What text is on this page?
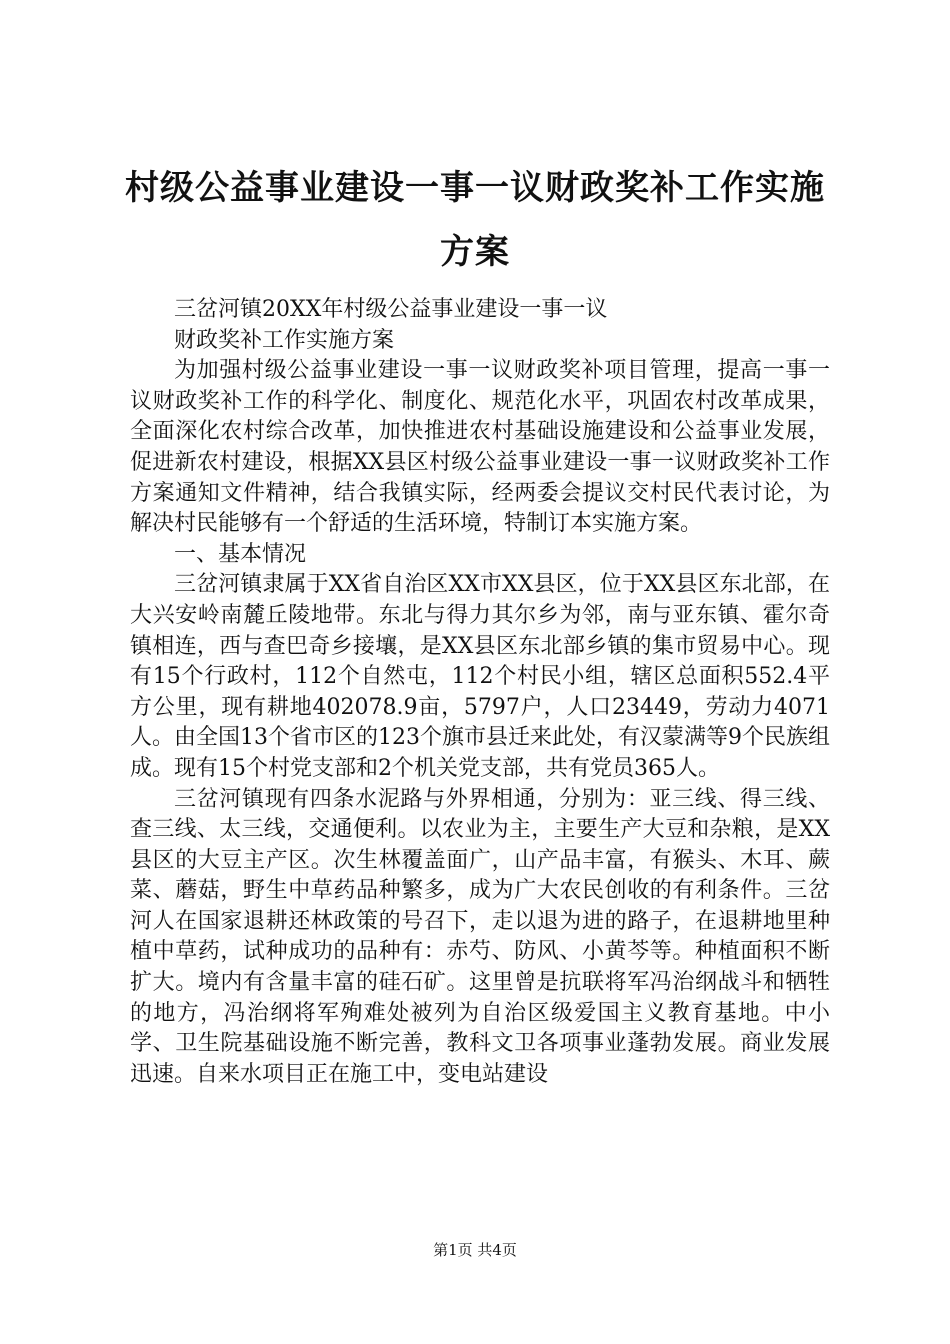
村级公益事业建设一事一议财政奖补工作实施方案

三岔河镇20XX年村级公益事业建设一事一议

财政奖补工作实施方案

为加强村级公益事业建设一事一议财政奖补项目管理，提高一事一议财政奖补工作的科学化、制度化、规范化水平，巩固农村改革成果，全面深化农村综合改革，加快推进农村基础设施建设和公益事业发展，促进新农村建设，根据XX县区村级公益事业建设一事一议财政奖补工作方案通知文件精神，结合我镇实际，经两委会提议交村民代表讨论，为解决村民能够有一个舒适的生活环境，特制订本实施方案。

一、基本情况

三岔河镇隶属于XX省自治区XX市XX县区，位于XX县区东北部，在大兴安岭南麓丘陵地带。东北与得力其尔乡为邻，南与亚东镇、霍尔奇镇相连，西与查巴奇乡接壤，是XX县区东北部乡镇的集市贸易中心。现有15个行政村，112个自然屯，112个村民小组，辖区总面积552.4平方公里，现有耕地402078.9亩，5797户，人口23449，劳动力4071人。由全国13个省市区的123个旗市县迁来此处，有汉蒙满等9个民族组成。现有15个村党支部和2个机关党支部，共有党员365人。

三岔河镇现有四条水泥路与外界相通，分别为：亚三线、得三线、查三线、太三线，交通便利。以农业为主，主要生产大豆和杂粮，是XX县区的大豆主产区。次生林覆盖面广，山产品丰富，有猴头、木耳、蕨菜、蘑菇，野生中草药品种繁多，成为广大农民创收的有利条件。三岔河人在国家退耕还林政策的号召下，走以退为进的路子，在退耕地里种植中草药，试种成功的品种有：赤芍、防风、小黄芩等。种植面积不断扩大。境内有含量丰富的硅石矿。这里曾是抗联将军冯治纲战斗和牺牲的地方，冯治纲将军殉难处被列为自治区级爱国主义教育基地。中小学、卫生院基础设施不断完善，教科文卫各项事业蓬勃发展。商业发展迅速。自来水项目正在施工中，变电站建设

第1页 共4页
